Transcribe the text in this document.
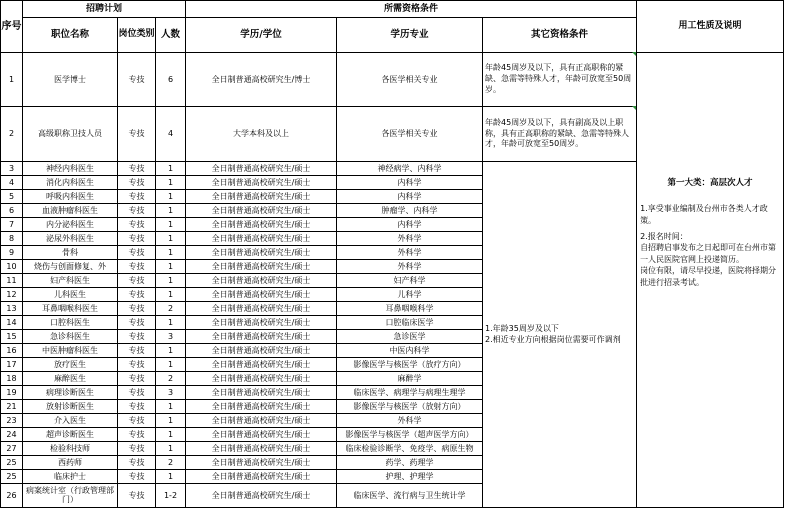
序号	招聘计划			所需资格条件			用工性质及说明
	职位名称	岗位类别	人数	学历/学位	学历专业	其它资格条件	
1	医学博士	专技	6	全日制普通高校研究生/博士	各医学相关专业	年龄45周岁及以下，具有正高职称的紧缺、急需等特殊人才，年龄可放宽至50周岁。	第一大类：高层次人才
1.享受事业编制及台州市各类人才政策。
2.报名时间：
自招聘启事发布之日起即可在台州市第一人民医院官网上投递简历。
岗位有限，请尽早投递，医院将择期分批进行招录考试。

2	高级职称卫技人员	专技	4	大学本科及以上	各医学相关专业	年龄45周岁及以下，具有副高及以上职称，具有正高职称的紧缺、急需等特殊人才，年龄可放宽至50周岁。	
3	神经内科医生	专技	1	全日制普通高校研究生/硕士	神经病学、内科学	1.年龄35周岁及以下
2.相近专业方向根据岗位需要可作调剂	

4	消化内科医生	专技	1	全日制普通高校研究生/硕士	内科学		
5	呼吸内科医生	专技	1	全日制普通高校研究生/硕士	内科学		
6	血液肿瘤科医生	专技	1	全日制普通高校研究生/硕士	肿瘤学、内科学		
7	内分泌科医生	专技	1	全日制普通高校研究生/硕士	内科学		
8	泌尿外科医生	专技	1	全日制普通高校研究生/硕士	外科学		
9	骨科	专技	1	全日制普通高校研究生/硕士	外科学		
10	烧伤与创面修复、外	专技	1	全日制普通高校研究生/硕士	外科学		
11	妇产科医生	专技	1	全日制普通高校研究生/硕士	妇产科学		
12	儿科医生	专技	1	全日制普通高校研究生/硕士	儿科学		
13	耳鼻咽喉科医生	专技	2	全日制普通高校研究生/硕士	耳鼻咽喉科学		
14	口腔科医生	专技	1	全日制普通高校研究生/硕士	口腔临床医学		
15	急诊科医生	专技	3	全日制普通高校研究生/硕士	急诊医学		
16	中医肿瘤科医生	专技	1	全日制普通高校研究生/硕士	中医内科学		
17	放疗医生	专技	1	全日制普通高校研究生/硕士	影像医学与核医学（放疗方向）		
18	麻醉医生	专技	2	全日制普通高校研究生/硕士	麻醉学		
19	病理诊断医生	专技	3	全日制普通高校研究生/硕士	临床医学、病理学与病理生理学		
21	放射诊断医生	专技	1	全日制普通高校研究生/硕士	影像医学与核医学（放射方向）		
23	介入医生	专技	1	全日制普通高校研究生/硕士	外科学		
24	超声诊断医生	专技	1	全日制普通高校研究生/硕士	影像医学与核医学（超声医学方向）		
27	检验科技师	专技	1	全日制普通高校研究生/硕士	临床检验诊断学、免疫学、病原生物		
25	西药师	专技	2	全日制普通高校研究生/硕士	药学、药理学		
25	临床护士	专技	1	全日制普通高校研究生/硕士	护理、护理学		
26	病案统计室（行政管理部门）	专技	1-2	全日制普通高校研究生/硕士	临床医学、流行病与卫生统计学		
